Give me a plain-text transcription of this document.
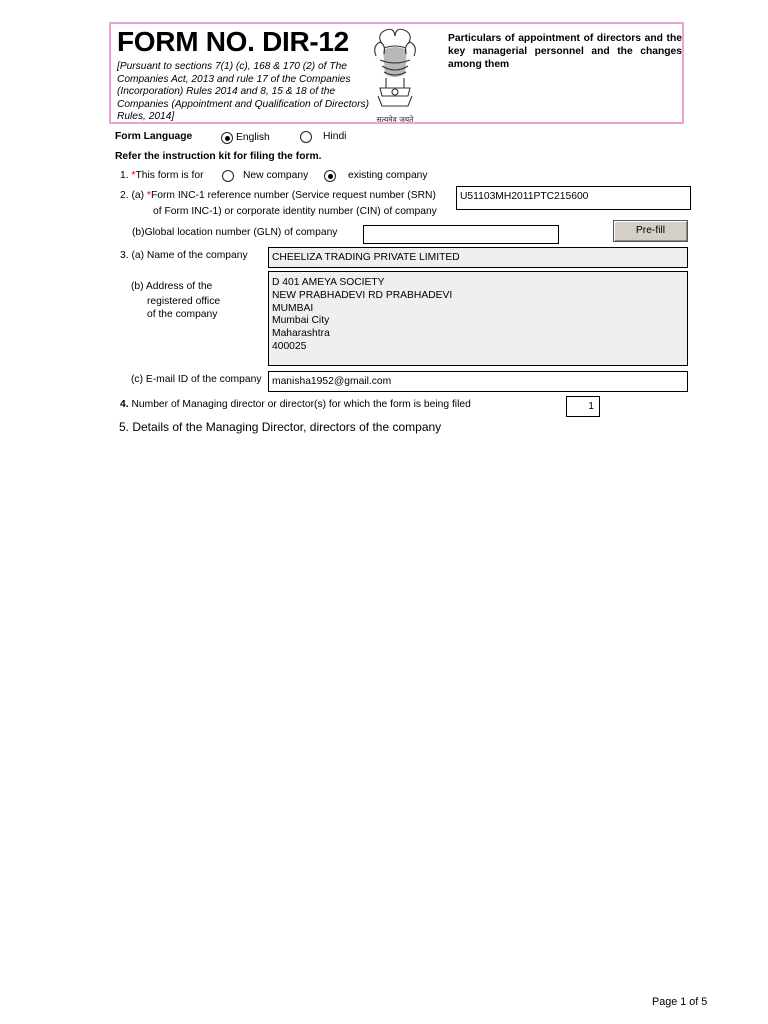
FORM NO. DIR-12
[Pursuant to sections 7(1) (c), 168 & 170 (2) of The Companies Act, 2013 and rule 17 of the Companies (Incorporation) Rules 2014 and 8, 15 & 18 of the Companies (Appointment and Qualification of Directors) Rules, 2014]	सत्यमेव जयते
Particulars of appointment of directors and the key managerial personnel and the changes among them
Form Language	English	Hindi
Refer the instruction kit for filing the form.
1. *This form is for	New company	existing company
2. (a) *Form INC-1 reference number (Service request number (SRN)
of Form INC-1) or corporate identity number (CIN) of company
U51103MH2011PTC215600
(b)Global location number (GLN) of company	Pre-fill
3. (a) Name of the company	CHEELIZA TRADING PRIVATE LIMITED
(b) Address of the
registered office
of the company
D 401 AMEYA SOCIETY
NEW PRABHADEVI RD PRABHADEVI
MUMBAI
Mumbai City
Maharashtra
400025
(c) E-mail ID of the company	manisha1952@gmail.com
4. Number of Managing director or director(s) for which the form is being filed	1
5. Details of the Managing Director, directors of the company
Page 1 of 5
